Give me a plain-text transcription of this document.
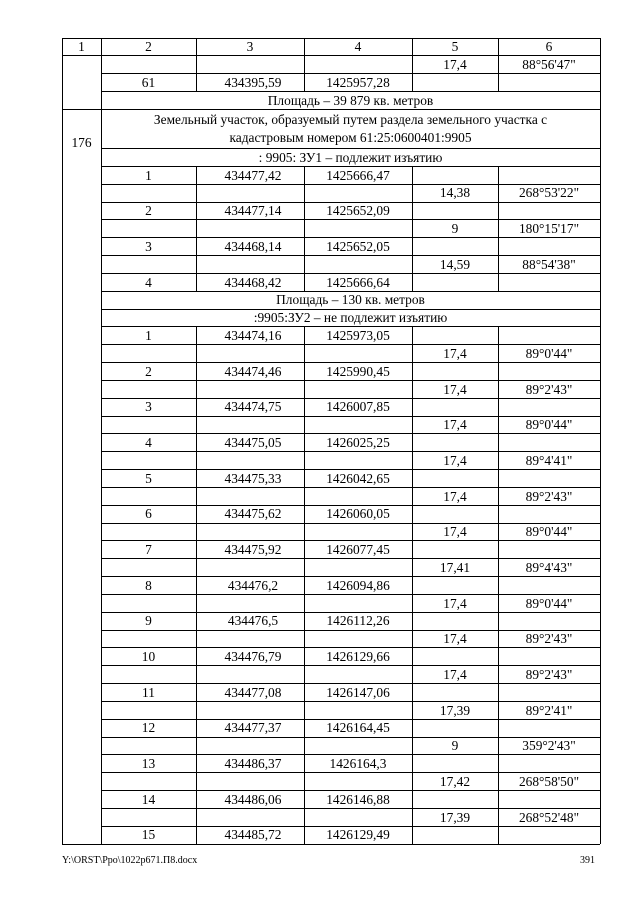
176
1	2	3	4	5	6
17,4	88°56'47"
61	434395,59	1425957,28
Площадь – 39 879 кв. метров
Земельный участок, образуемый путем раздела земельного участка с
кадастровым номером 61:25:0600401:9905
: 9905: ЗУ1 – подлежит изъятию
1	434477,42	1425666,47
14,38	268°53'22"
2	434477,14	1425652,09
9	180°15'17"
3	434468,14	1425652,05
14,59	88°54'38"
4	434468,42	1425666,64
Площадь – 130 кв. метров
:9905:ЗУ2 – не подлежит изъятию
1	434474,16	1425973,05
17,4	89°0'44"
2	434474,46	1425990,45
17,4	89°2'43"
3	434474,75	1426007,85
17,4	89°0'44"
4	434475,05	1426025,25
17,4	89°4'41"
5	434475,33	1426042,65
17,4	89°2'43"
6	434475,62	1426060,05
17,4	89°0'44"
7	434475,92	1426077,45
17,41	89°4'43"
8	434476,2	1426094,86
17,4	89°0'44"
9	434476,5	1426112,26
17,4	89°2'43"
10	434476,79	1426129,66
17,4	89°2'43"
11	434477,08	1426147,06
17,39	89°2'41"
12	434477,37	1426164,45
9	359°2'43"
13	434486,37	1426164,3
17,42	268°58'50"
14	434486,06	1426146,88
17,39	268°52'48"
15	434485,72	1426129,49
Y:\ORST\Ppo\1022p671.П8.docx	391
